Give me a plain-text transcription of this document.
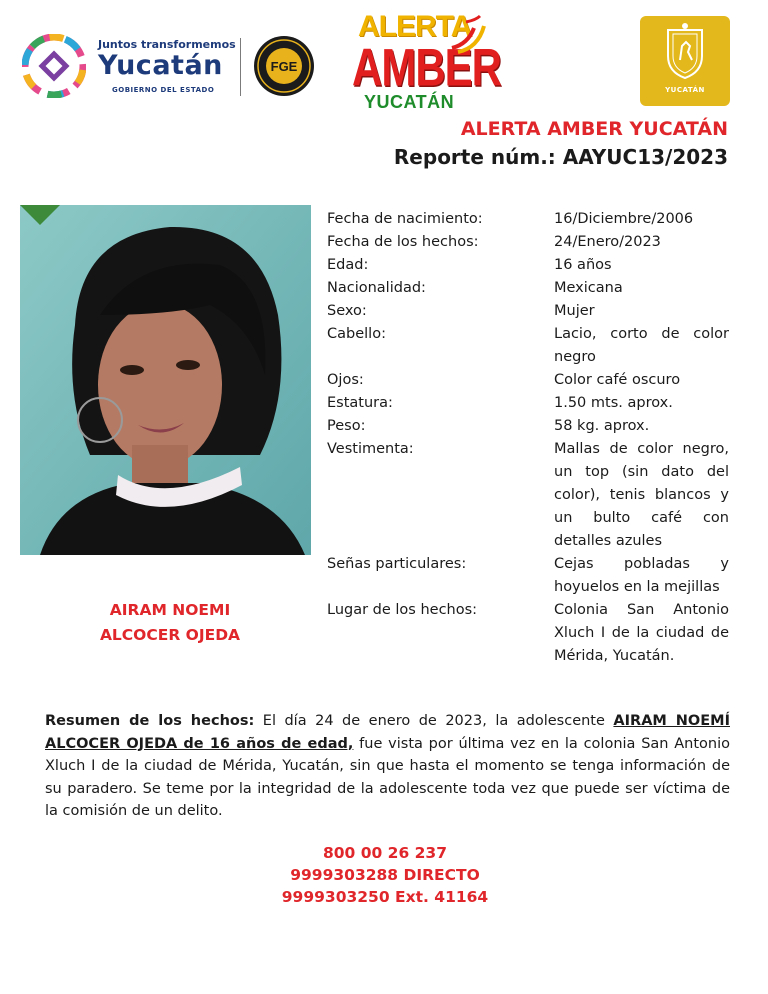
Juntos transformemos
Yucatán
GOBIERNO DEL ESTADO
FGE
ALERTA
AMBER
YUCATÁN
YUCATÁN
ALERTA AMBER YUCATÁN
Reporte núm.: AAYUC13/2023
AIRAM NOEMI
ALCOCER OJEDA
Fecha de nacimiento:	16/Diciembre/2006
Fecha de los hechos:	24/Enero/2023
Edad:	16 años
Nacionalidad:	Mexicana
Sexo:	Mujer
Cabello:	Lacio, corto de color negro
Ojos:	Color café oscuro
Estatura:	1.50 mts. aprox.
Peso:	58 kg. aprox.
Vestimenta:	Mallas de color negro, un top (sin dato del color), tenis blancos y un bulto café con detalles azules
Señas particulares:	Cejas pobladas y hoyuelos en la mejillas
Lugar de los hechos:	Colonia San Antonio Xluch I de la ciudad de Mérida, Yucatán.
Resumen de los hechos: El día 24 de enero de 2023, la adolescente AIRAM NOEMÍ ALCOCER OJEDA de 16 años de edad, fue vista por última vez en la colonia San Antonio Xluch I de la ciudad de Mérida, Yucatán, sin que hasta el momento se tenga información de su paradero. Se teme por la integridad de la adolescente toda vez que puede ser víctima de la comisión de un delito.
800 00 26 237
9999303288 DIRECTO
9999303250 Ext. 41164
